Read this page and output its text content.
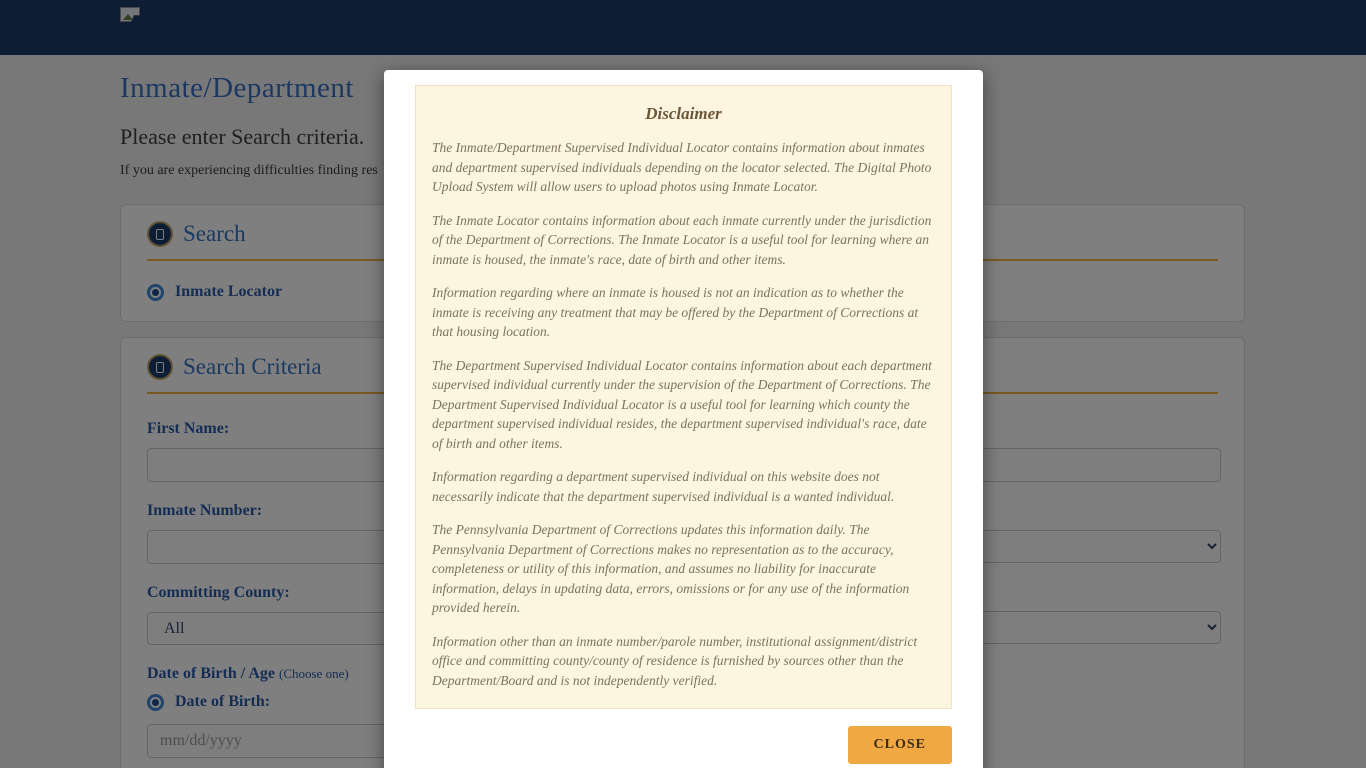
All
mm/dd/yyyy
Disclaimer

The Inmate/Department Supervised Individual Locator contains information about inmates and department supervised individuals depending on the locator selected. The Digital Photo Upload System will allow users to upload photos using Inmate Locator.

The Inmate Locator contains information about each inmate currently under the jurisdiction of the Department of Corrections. The Inmate Locator is a useful tool for learning where an inmate is housed, the inmate's race, date of birth and other items.

Information regarding where an inmate is housed is not an indication as to whether the inmate is receiving any treatment that may be offered by the Department of Corrections at that housing location.

The Department Supervised Individual Locator contains information about each department supervised individual currently under the supervision of the Department of Corrections. The Department Supervised Individual Locator is a useful tool for learning which county the department supervised individual resides, the department supervised individual's race, date of birth and other items.

Information regarding a department supervised individual on this website does not necessarily indicate that the department supervised individual is a wanted individual.

The Pennsylvania Department of Corrections updates this information daily. The Pennsylvania Department of Corrections makes no representation as to the accuracy, completeness or utility of this information, and assumes no liability for inaccurate information, delays in updating data, errors, omissions or for any use of the information provided herein.

Information other than an inmate number/parole number, institutional assignment/district office and committing county/county of residence is furnished by sources other than the Department/Board and is not independently verified.

CLOSE
